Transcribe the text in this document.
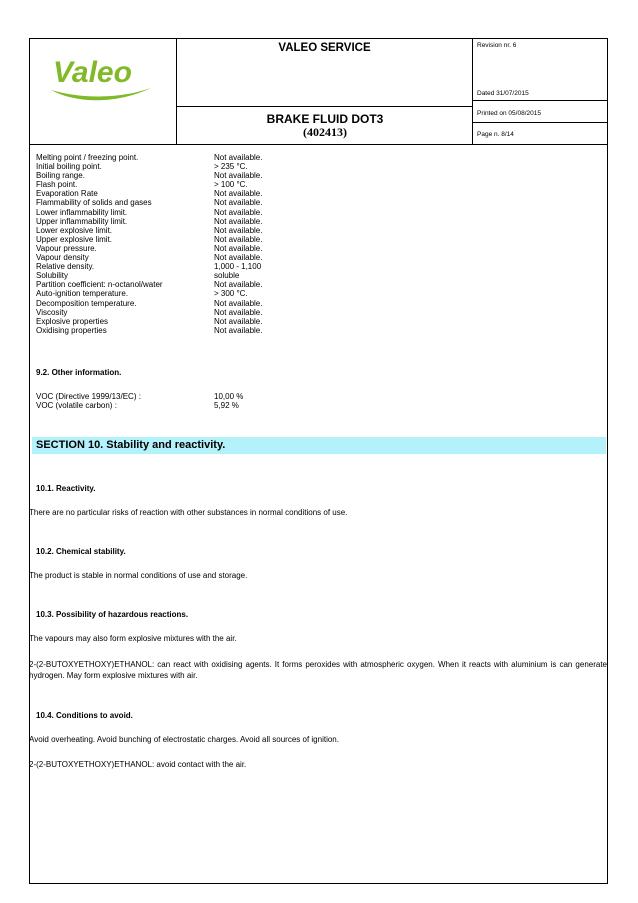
Valeo
VALEO SERVICE	Revision nr. 6
Dated 31/07/2015
Printed on 05/08/2015
Page n. 8/14
BRAKE FLUID DOT3
(402413)
Melting point / freezing point.	Not available.
Initial boiling point.	> 235 °C.
Boiling range.	Not available.
Flash point.	> 100 °C.
Evaporation Rate	Not available.
Flammability of solids and gases	Not available.
Lower inflammability limit.	Not available.
Upper inflammability limit.	Not available.
Lower explosive limit.	Not available.
Upper explosive limit.	Not available.
Vapour pressure.	Not available.
Vapour density	Not available.
Relative density.	1,000 - 1,100
Solubility	soluble
Partition coefficient: n-octanol/water	Not available.
Auto-ignition temperature.	> 300 °C.
Decomposition temperature.	Not available.
Viscosity	Not available.
Explosive properties	Not available.
Oxidising properties	Not available.
9.2. Other information.
VOC (Directive 1999/13/EC) :	10,00 %
VOC (volatile carbon) :	5,92 %
SECTION 10. Stability and reactivity.
10.1. Reactivity.
There are no particular risks of reaction with other substances in normal conditions of use.
10.2. Chemical stability.
The product is stable in normal conditions of use and storage.
10.3. Possibility of hazardous reactions.
The vapours may also form explosive mixtures with the air.
2-(2-BUTOXYETHOXY)ETHANOL: can react with oxidising agents. It forms peroxides with atmospheric oxygen. When it reacts with aluminium is can generate hydrogen. May form explosive mixtures with air.
10.4. Conditions to avoid.
Avoid overheating. Avoid bunching of electrostatic charges. Avoid all sources of ignition.
2-(2-BUTOXYETHOXY)ETHANOL: avoid contact with the air.
